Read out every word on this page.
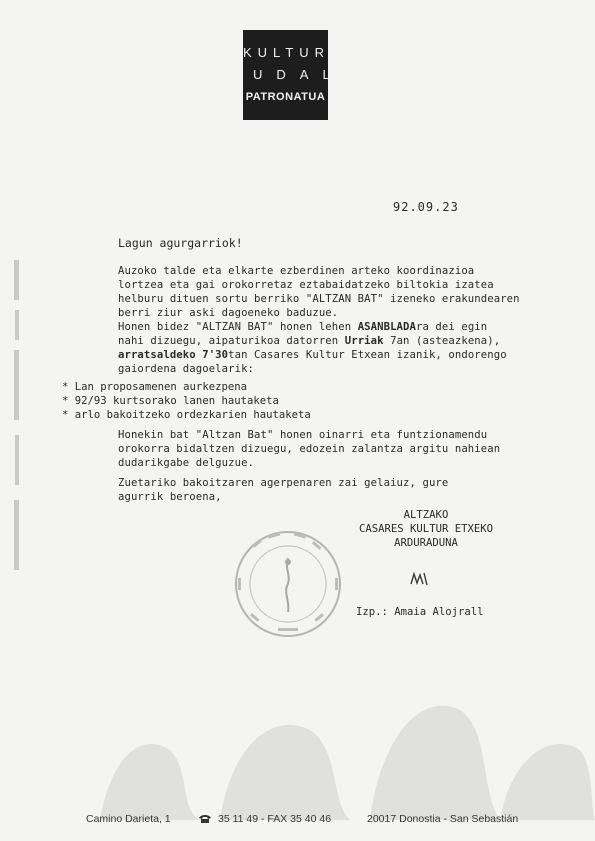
KULTUR
UDAL
PATRONATUA
92.09.23
Lagun agurgarriok!
Auzoko talde eta elkarte ezberdinen arteko koordinazioa
lortzea eta gai orokorretaz eztabaidatzeko biltokia izatea
helburu dituen sortu berriko "ALTZAN BAT" izeneko erakundearen
berri ziur aski dagoeneko baduzue.
Honen bidez "ALTZAN BAT" honen lehen ASANBLADAra dei egin
nahi dizuegu, aipaturikoa datorren Urriak 7an (asteazkena),
arratsaldeko 7'30tan Casares Kultur Etxean izanik, ondorengo
gaiordena dagoelarik:
* Lan proposamenen aurkezpena
* 92/93 kurtsorako lanen hautaketa
* arlo bakoitzeko ordezkarien hautaketa
Honekin bat "Altzan Bat" honen oinarri eta funtzionamendu
orokorra bidaltzen dizuegu, edozein zalantza argitu nahiean
dudarikgabe delguzue.
Zuetariko bakoitzaren agerpenaren zai gelaiuz, gure
agurrik beroena,
ALTZAKO
CASARES KULTUR ETXEKO
ARDURADUNA
Izp.: Amaia Alojrall
Camino Darieta, 1	35 11 49 - FAX 35 40 46	20017 Donostia - San Sebastián
